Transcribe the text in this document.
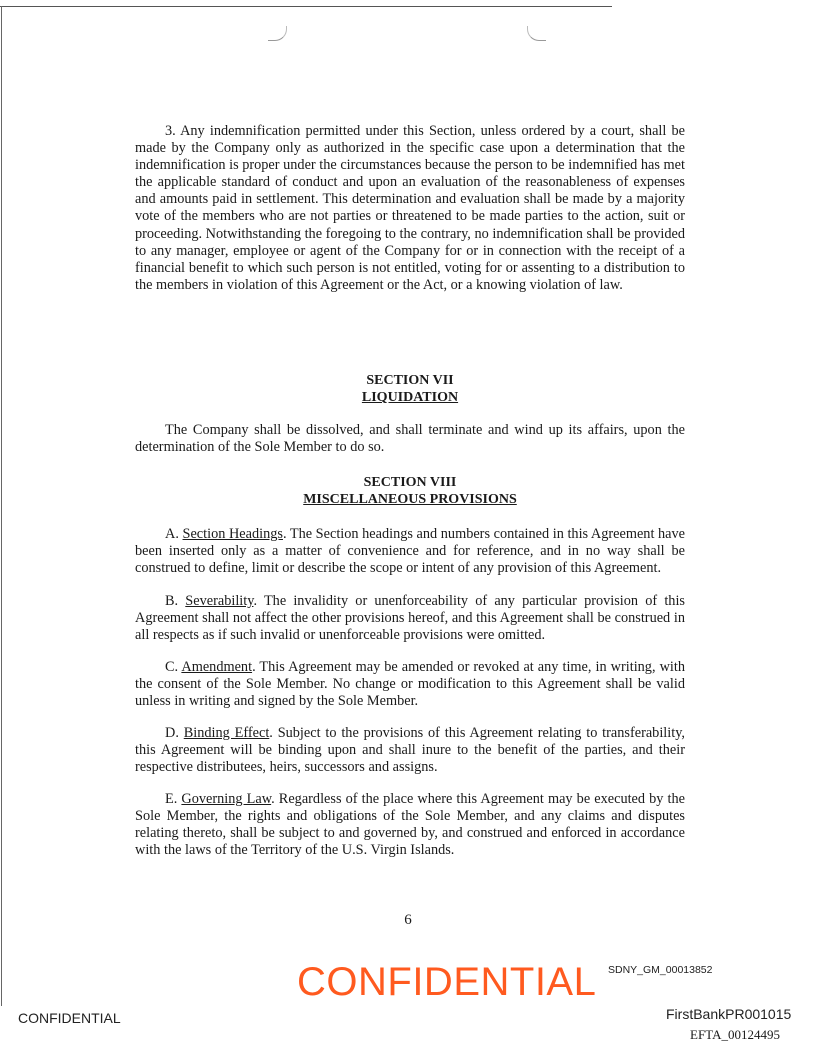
3. Any indemnification permitted under this Section, unless ordered by a court, shall be made by the Company only as authorized in the specific case upon a determination that the indemnification is proper under the circumstances because the person to be indemnified has met the applicable standard of conduct and upon an evaluation of the reasonableness of expenses and amounts paid in settlement. This determination and evaluation shall be made by a majority vote of the members who are not parties or threatened to be made parties to the action, suit or proceeding. Notwithstanding the foregoing to the contrary, no indemnification shall be provided to any manager, employee or agent of the Company for or in connection with the receipt of a financial benefit to which such person is not entitled, voting for or assenting to a distribution to the members in violation of this Agreement or the Act, or a knowing violation of law.

SECTION VII
LIQUIDATION

The Company shall be dissolved, and shall terminate and wind up its affairs, upon the determination of the Sole Member to do so.

SECTION VIII
MISCELLANEOUS PROVISIONS

A. Section Headings. The Section headings and numbers contained in this Agreement have been inserted only as a matter of convenience and for reference, and in no way shall be construed to define, limit or describe the scope or intent of any provision of this Agreement.

B. Severability. The invalidity or unenforceability of any particular provision of this Agreement shall not affect the other provisions hereof, and this Agreement shall be construed in all respects as if such invalid or unenforceable provisions were omitted.

C. Amendment. This Agreement may be amended or revoked at any time, in writing, with the consent of the Sole Member. No change or modification to this Agreement shall be valid unless in writing and signed by the Sole Member.

D. Binding Effect. Subject to the provisions of this Agreement relating to transferability, this Agreement will be binding upon and shall inure to the benefit of the parties, and their respective distributees, heirs, successors and assigns.

E. Governing Law. Regardless of the place where this Agreement may be executed by the Sole Member, the rights and obligations of the Sole Member, and any claims and disputes relating thereto, shall be subject to and governed by, and construed and enforced in accordance with the laws of the Territory of the U.S. Virgin Islands.

6
SDNY_GM_00013852
CONFIDENTIAL
CONFIDENTIAL	FirstBankPR001015
EFTA_00124495
